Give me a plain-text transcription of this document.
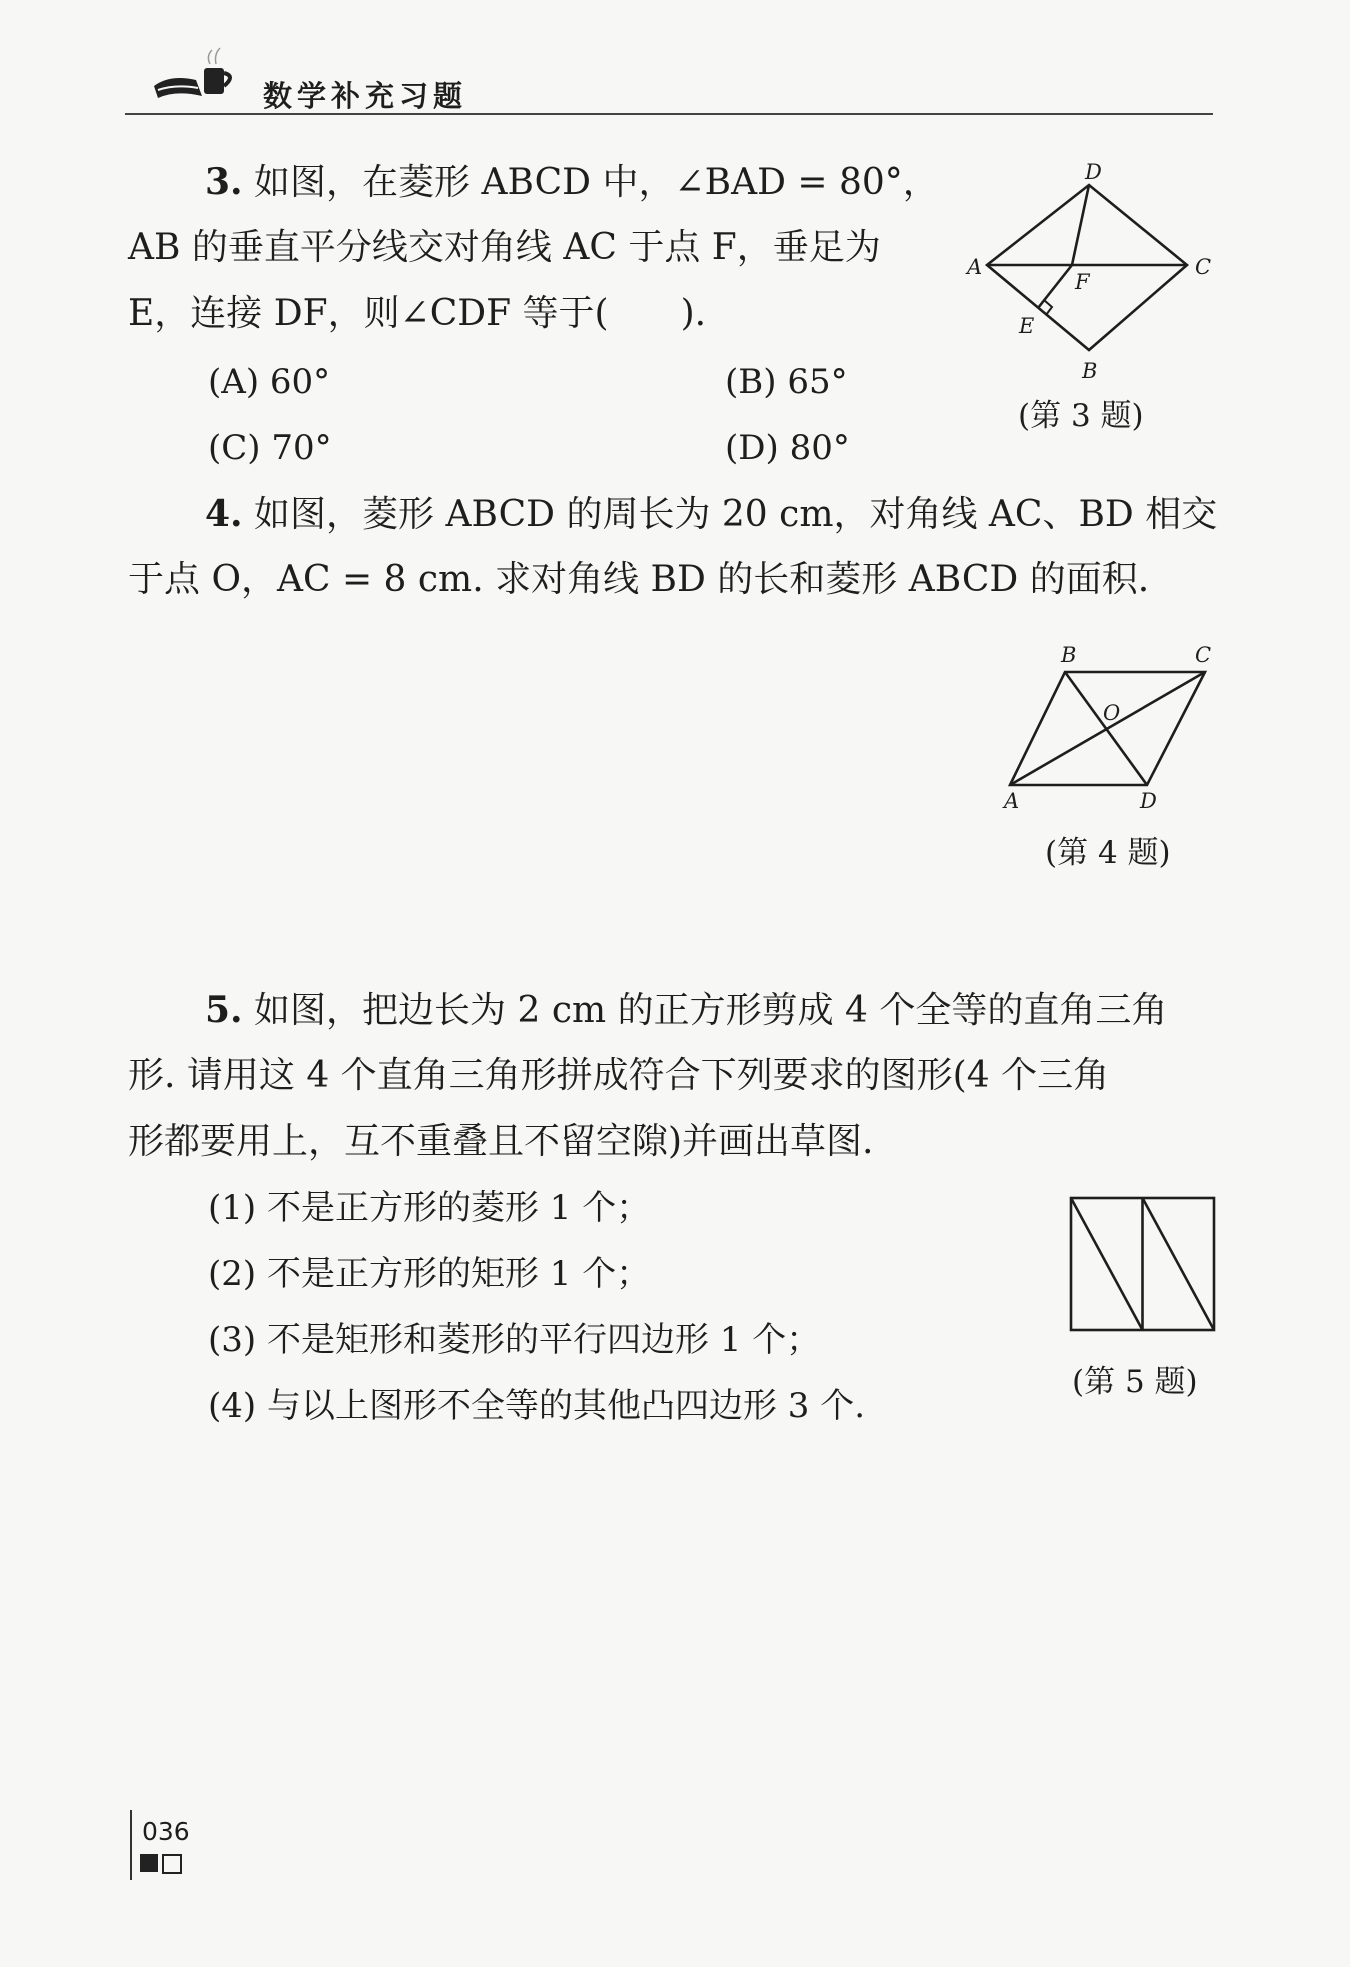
数学补充习题
3. 如图，在菱形 ABCD 中，∠BAD = 80°，
AB 的垂直平分线交对角线 AC 于点 F，垂足为
E，连接 DF，则∠CDF 等于(　　).
(A) 60°	(B) 65°
(C) 70°	(D) 80°
D
A	C
F
E
B
(第 3 题)
4. 如图，菱形 ABCD 的周长为 20 cm，对角线 AC、BD 相交
于点 O，AC = 8 cm. 求对角线 BD 的长和菱形 ABCD 的面积.
B	C
O
A	D
(第 4 题)
5. 如图，把边长为 2 cm 的正方形剪成 4 个全等的直角三角
形. 请用这 4 个直角三角形拼成符合下列要求的图形(4 个三角
形都要用上，互不重叠且不留空隙)并画出草图.
(1) 不是正方形的菱形 1 个；
(2) 不是正方形的矩形 1 个；
(3) 不是矩形和菱形的平行四边形 1 个；
(4) 与以上图形不全等的其他凸四边形 3 个.
(第 5 题)
036
